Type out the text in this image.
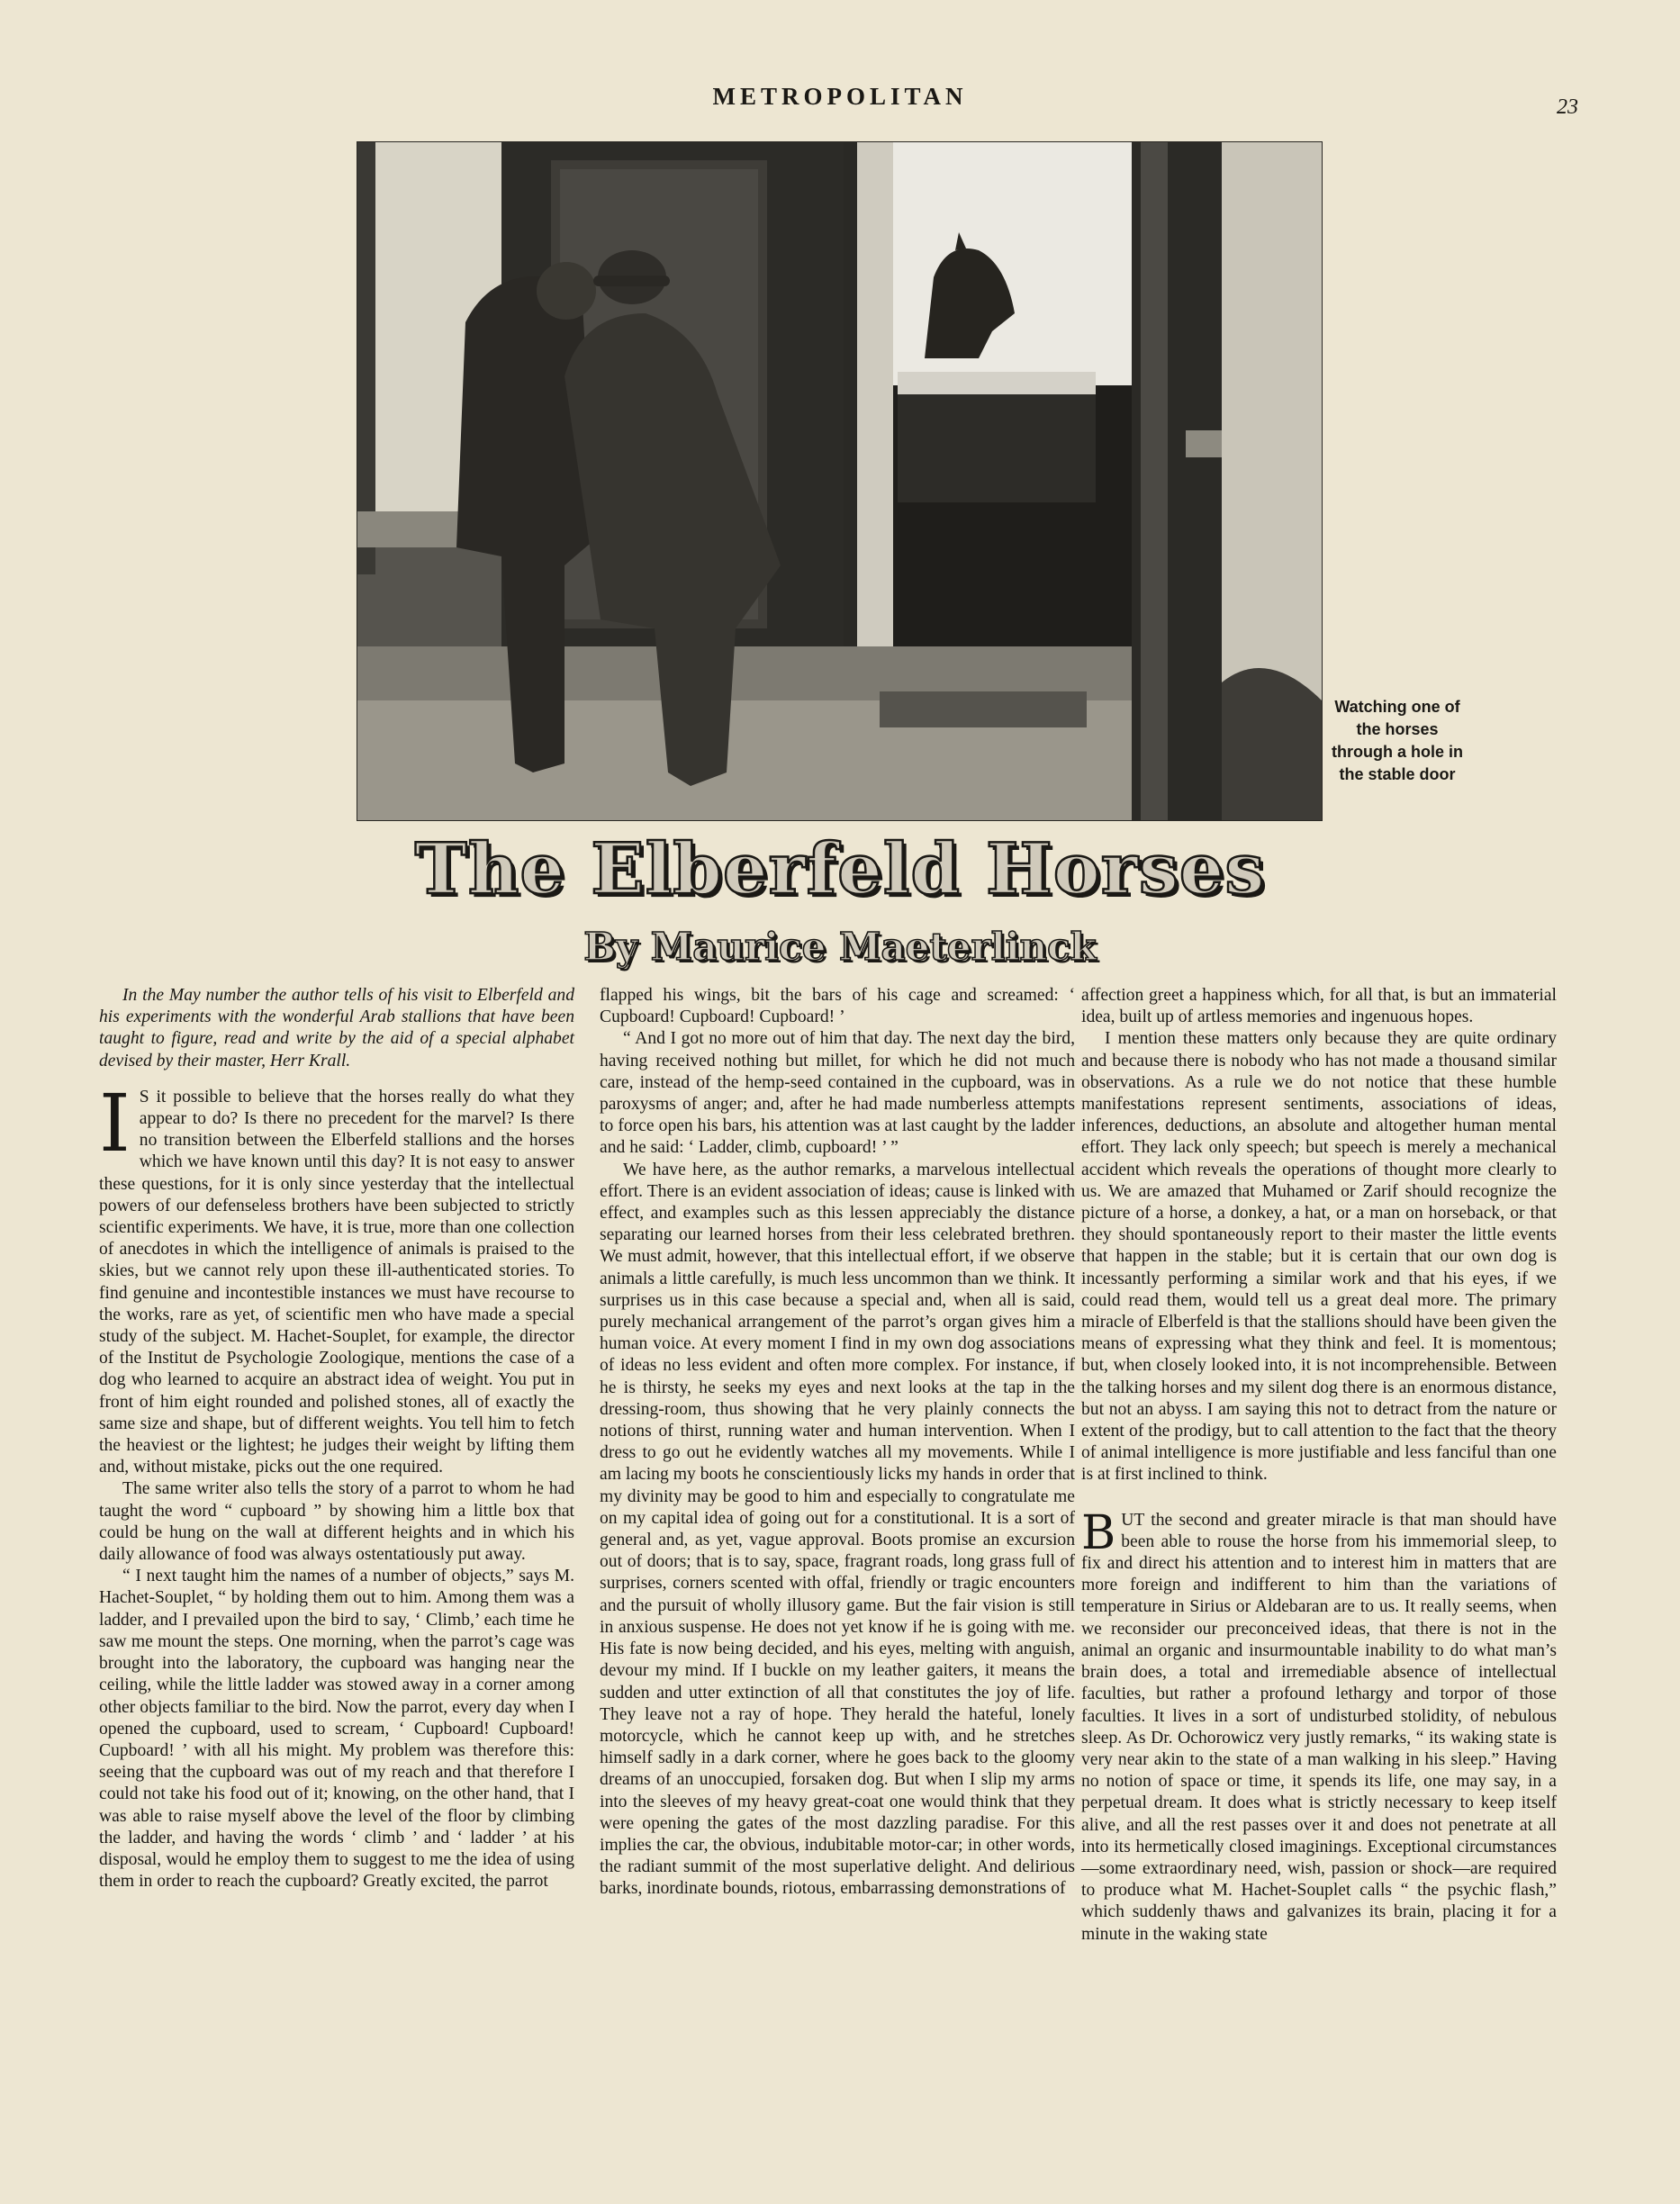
METROPOLITAN	23
Watching one of the horses through a hole in the stable door
The Elberfeld Horses
By Maurice Maeterlinck

In the May number the author tells of his visit to Elberfeld and his experiments with the wonderful Arab stallions that have been taught to figure, read and write by the aid of a special alphabet devised by their master, Herr Krall.

I S it possible to believe that the horses really do what they appear to do? Is there no precedent for the marvel? Is there no transition between the Elberfeld stallions and the horses which we have known until this day? It is not easy to answer these questions, for it is only since yesterday that the intellectual powers of our defenseless brothers have been subjected to strictly scientific experiments. We have, it is true, more than one collection of anecdotes in which the intelligence of animals is praised to the skies, but we cannot rely upon these ill-authenticated stories. To find genuine and incontestible instances we must have recourse to the works, rare as yet, of scientific men who have made a special study of the subject. M. Hachet-Souplet, for example, the director of the Institut de Psychologie Zoologique, mentions the case of a dog who learned to acquire an abstract idea of weight. You put in front of him eight rounded and polished stones, all of exactly the same size and shape, but of different weights. You tell him to fetch the heaviest or the lightest; he judges their weight by lifting them and, without mistake, picks out the one required.

The same writer also tells the story of a parrot to whom he had taught the word “ cupboard ” by showing him a little box that could be hung on the wall at different heights and in which his daily allowance of food was always ostentatiously put away.

“ I next taught him the names of a number of objects,” says M. Hachet-Souplet, “ by holding them out to him. Among them was a ladder, and I prevailed upon the bird to say, ‘ Climb,’ each time he saw me mount the steps. One morning, when the parrot’s cage was brought into the laboratory, the cupboard was hanging near the ceiling, while the little ladder was stowed away in a corner among other objects familiar to the bird. Now the parrot, every day when I opened the cupboard, used to scream, ‘ Cupboard! Cupboard! Cupboard! ’ with all his might. My problem was therefore this: seeing that the cupboard was out of my reach and that therefore I could not take his food out of it; knowing, on the other hand, that I was able to raise myself above the level of the floor by climbing the ladder, and having the words ‘ climb ’ and ‘ ladder ’ at his disposal, would he employ them to suggest to me the idea of using them in order to reach the cupboard? Greatly excited, the parrot

flapped his wings, bit the bars of his cage and screamed: ‘ Cupboard! Cupboard! Cupboard! ’

“ And I got no more out of him that day. The next day the bird, having received nothing but millet, for which he did not much care, instead of the hemp-seed contained in the cupboard, was in paroxysms of anger; and, after he had made numberless attempts to force open his bars, his attention was at last caught by the ladder and he said: ‘ Ladder, climb, cupboard! ’ ”

We have here, as the author remarks, a marvelous intellectual effort. There is an evident association of ideas; cause is linked with effect, and examples such as this lessen appreciably the distance separating our learned horses from their less celebrated brethren. We must admit, however, that this intellectual effort, if we observe animals a little carefully, is much less uncommon than we think. It surprises us in this case because a special and, when all is said, purely mechanical arrangement of the parrot’s organ gives him a human voice. At every moment I find in my own dog associations of ideas no less evident and often more complex. For instance, if he is thirsty, he seeks my eyes and next looks at the tap in the dressing-room, thus showing that he very plainly connects the notions of thirst, running water and human intervention. When I dress to go out he evidently watches all my movements. While I am lacing my boots he conscientiously licks my hands in order that my divinity may be good to him and especially to congratulate me on my capital idea of going out for a constitutional. It is a sort of general and, as yet, vague approval. Boots promise an excursion out of doors; that is to say, space, fragrant roads, long grass full of surprises, corners scented with offal, friendly or tragic encounters and the pursuit of wholly illusory game. But the fair vision is still in anxious suspense. He does not yet know if he is going with me. His fate is now being decided, and his eyes, melting with anguish, devour my mind. If I buckle on my leather gaiters, it means the sudden and utter extinction of all that constitutes the joy of life. They leave not a ray of hope. They herald the hateful, lonely motorcycle, which he cannot keep up with, and he stretches himself sadly in a dark corner, where he goes back to the gloomy dreams of an unoccupied, forsaken dog. But when I slip my arms into the sleeves of my heavy great-coat one would think that they were opening the gates of the most dazzling paradise. For this implies the car, the obvious, indubitable motor-car; in other words, the radiant summit of the most superlative delight. And delirious barks, inordinate bounds, riotous, embarrassing demonstrations of

affection greet a happiness which, for all that, is but an immaterial idea, built up of artless memories and ingenuous hopes.

I mention these matters only because they are quite ordinary and because there is nobody who has not made a thousand similar observations. As a rule we do not notice that these humble manifestations represent sentiments, associations of ideas, inferences, deductions, an absolute and altogether human mental effort. They lack only speech; but speech is merely a mechanical accident which reveals the operations of thought more clearly to us. We are amazed that Muhamed or Zarif should recognize the picture of a horse, a donkey, a hat, or a man on horseback, or that they should spontaneously report to their master the little events that happen in the stable; but it is certain that our own dog is incessantly performing a similar work and that his eyes, if we could read them, would tell us a great deal more. The primary miracle of Elberfeld is that the stallions should have been given the means of expressing what they think and feel. It is momentous; but, when closely looked into, it is not incomprehensible. Between the talking horses and my silent dog there is an enormous distance, but not an abyss. I am saying this not to detract from the nature or extent of the prodigy, but to call attention to the fact that the theory of animal intelligence is more justifiable and less fanciful than one is at first inclined to think.

BUT the second and greater miracle is that man should have been able to rouse the horse from his immemorial sleep, to fix and direct his attention and to interest him in matters that are more foreign and indifferent to him than the variations of temperature in Sirius or Aldebaran are to us. It really seems, when we reconsider our preconceived ideas, that there is not in the animal an organic and insurmountable inability to do what man’s brain does, a total and irremediable absence of intellectual faculties, but rather a profound lethargy and torpor of those faculties. It lives in a sort of undisturbed stolidity, of nebulous sleep. As Dr. Ochorowicz very justly remarks, “ its waking state is very near akin to the state of a man walking in his sleep.” Having no notion of space or time, it spends its life, one may say, in a perpetual dream. It does what is strictly necessary to keep itself alive, and all the rest passes over it and does not penetrate at all into its hermetically closed imaginings. Exceptional circumstances—some extraordinary need, wish, passion or shock—are required to produce what M. Hachet-Souplet calls “ the psychic flash,” which suddenly thaws and galvanizes its brain, placing it for a minute in the waking state
